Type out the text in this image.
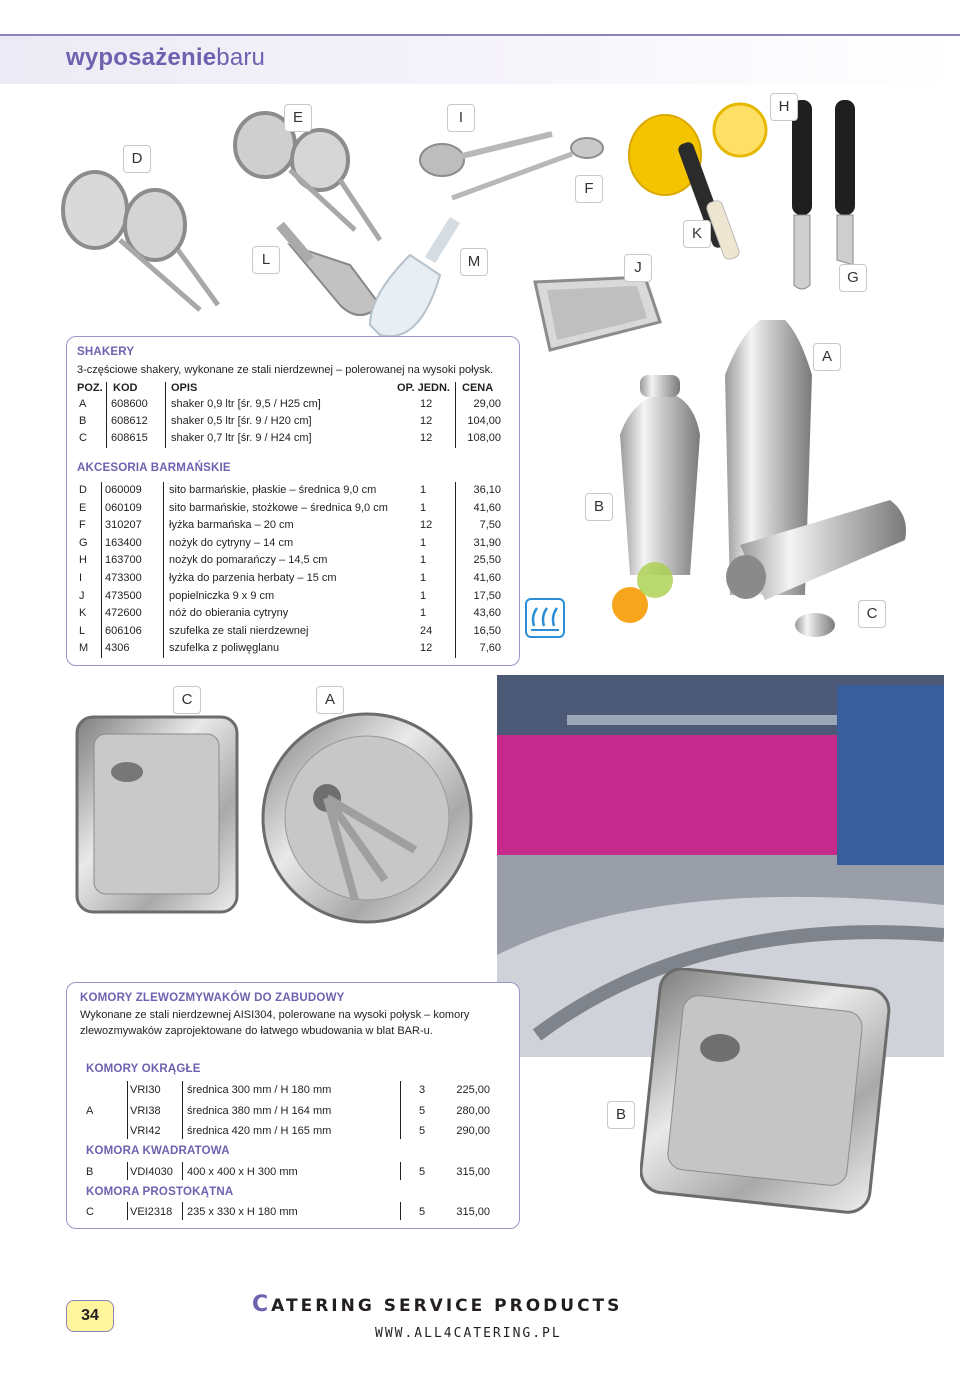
wyposażeniebaru
D
E	I
F
H
K
J
G
L	M
A
B
C
SHAKERY
3-częściowe shakery, wykonane ze stali nierdzewnej – polerowanej na wysoki połysk.
POZ. KOD	OPIS	OP. JEDN. CENA
A 608600 shaker 0,9 ltr [śr. 9,5 / H25 cm]	12	29,00
B 608612 shaker 0,5 ltr [śr. 9 / H20 cm]	12	104,00
C 608615 shaker 0,7 ltr [śr. 9 / H24 cm]	12	108,00
AKCESORIA BARMAŃSKIE
D 060009 sito barmańskie, płaskie – średnica 9,0 cm	1	36,10
E 060109 sito barmańskie, stożkowe – średnica 9,0 cm	1	41,60
F 310207 łyżka barmańska – 20 cm	12	7,50
G 163400 nożyk do cytryny – 14 cm	1	31,90
H 163700 nożyk do pomarańczy – 14,5 cm	1	25,50
I 473300 łyżka do parzenia herbaty – 15 cm	1	41,60
J 473500 popielniczka 9 x 9 cm	1	17,50
K 472600 nóż do obierania cytryny	1	43,60
L 606106 szufelka ze stali nierdzewnej	24	16,50
M 4306	szufelka z poliwęglanu	12	7,60
C	A
B
KOMORY ZLEWOZMYWAKÓW DO ZABUDOWY
Wykonane ze stali nierdzewnej AISI304, polerowane na wysoki połysk – komory
zlewozmywaków zaprojektowane do łatwego wbudowania w blat BAR-u.
KOMORY OKRĄGŁE
A
VRI30 średnica 300 mm / H 180 mm	3	225,00
VRI38 średnica 380 mm / H 164 mm	5	280,00
VRI42 średnica 420 mm / H 165 mm	5	290,00
KOMORA KWADRATOWA
B	VDI4030 400 x 400 x H 300 mm	5	315,00
KOMORA PROSTOKĄTNA
C	VEI2318 235 x 330 x H 180 mm	5	315,00
34	CATERING SERVICE PRODUCTS
WWW.ALL4CATERING.PL
